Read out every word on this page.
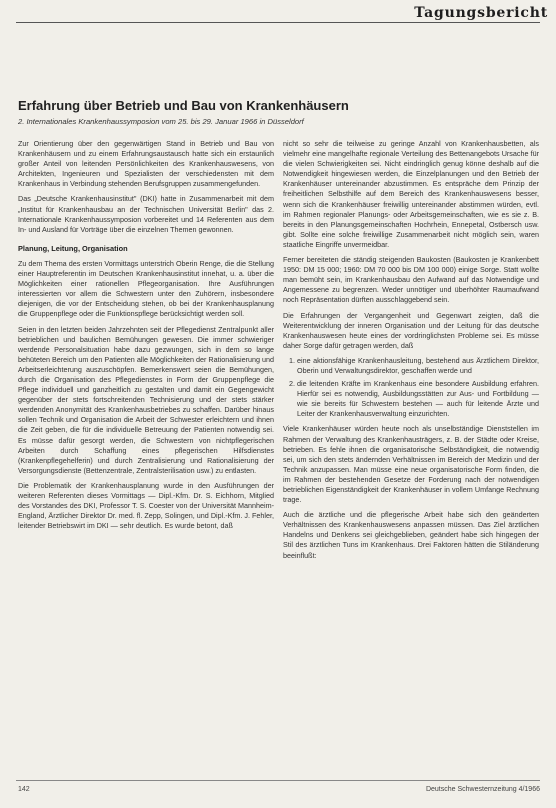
Tagungsbericht
Erfahrung über Betrieb und Bau von Krankenhäusern
2. Internationales Krankenhaussymposion vom 25. bis 29. Januar 1966 in Düsseldorf

Zur Orientierung über den gegenwärtigen Stand in Betrieb und Bau von Krankenhäusern und zu einem Erfahrungsaustausch hatte sich ein erstaunlich großer Anteil von leitenden Persönlichkeiten des Krankenhauswesens, von Architekten, Ingenieuren und Spezialisten der verschiedensten mit dem Krankenhaus in Verbindung stehenden Berufsgruppen zusammengefunden.

Das „Deutsche Krankenhausinstitut" (DKI) hatte in Zusammenarbeit mit dem „Institut für Krankenhausbau an der Technischen Universität Berlin" das 2. Internationale Krankenhaussymposion vorbereitet und 14 Referenten aus dem In- und Ausland für Vorträge über die einzelnen Themen gewonnen.

Planung, Leitung, Organisation

Zu dem Thema des ersten Vormittags unterstrich Oberin Renge, die die Stellung einer Hauptreferentin im Deutschen Krankenhausinstitut innehat, u. a. über die Möglichkeiten einer rationellen Pflegeorganisation. Ihre Ausführungen interessierten vor allem die Schwestern unter den Zuhörern, insbesondere diejenigen, die vor der Entscheidung stehen, ob bei der Krankenhausplanung die Gruppenpflege oder die Funktionspflege berücksichtigt werden soll.

Seien in den letzten beiden Jahrzehnten seit der Pflegedienst Zentralpunkt aller betrieblichen und baulichen Bemühungen gewesen. Die immer schwieriger werdende Personalsituation habe dazu gezwungen, sich in dem so lange behüteten Bereich um den Patienten alle Möglichkeiten der Rationalisierung und Arbeitserleichterung auszuschöpfen. Bemerkenswert seien die Bemühungen, durch die Organisation des Pflegedienstes in Form der Gruppenpflege die Pflege individuell und ganzheitlich zu gestalten und damit ein Gegengewicht gegenüber der stets fortschreitenden Technisierung und der stets stärker werdenden Anonymität des Krankenhausbetriebes zu schaffen. Darüber hinaus sollen Technik und Organisation die Arbeit der Schwester erleichtern und ihnen die Zeit geben, die für die individuelle Betreuung der Patienten notwendig sei. Es müsse dafür gesorgt werden, die Schwestern von nichtpflegerischen Arbeiten durch Schaffung eines pflegerischen Hilfsdienstes (Krankenpflegehelferin) und durch Zentralisierung und Rationalisierung der Versorgungsdienste (Bettenzentrale, Zentralsterilisation usw.) zu entlasten.

Die Problematik der Krankenhausplanung wurde in den Ausführungen der weiteren Referenten dieses Vormittags — Dipl.-Kfm. Dr. S. Eichhorn, Mitglied des Vorstandes des DKI, Professor T. S. Coester von der Universität Mannheim-England, Ärztlicher Direktor Dr. med. fl. Zepp, Solingen, und Dipl.-Kfm. J. Fehler, leitender Betriebswirt im DKI — sehr deutlich. Es wurde betont, daß

nicht so sehr die teilweise zu geringe Anzahl von Krankenhausbetten, als vielmehr eine mangelhafte regionale Verteilung des Bettenangebots Ursache für die vielen Schwierigkeiten sei. Nicht eindringlich genug könne deshalb auf die Notwendigkeit hingewiesen werden, die Einzelplanungen und den Betrieb der Krankenhäuser untereinander abzustimmen. Es entspräche dem Prinzip der freiheitlichen Selbsthilfe auf dem Bereich des Krankenhauswesens besser, wenn sich die Krankenhäuser freiwillig untereinander abstimmen würden, evtl. im Rahmen regionaler Planungs- oder Arbeitsgemeinschaften, wie es sie z. B. bereits in den Planungsgemeinschaften Hochrhein, Ennepetal, Ostbersch usw. gibt. Sollte eine solche freiwillige Zusammenarbeit nicht möglich sein, waren staatliche Eingriffe unvermeidbar.

Ferner bereiteten die ständig steigenden Baukosten (Baukosten je Krankenbett 1950: DM 15 000; 1960: DM 70 000 bis DM 100 000) einige Sorge. Statt wollte man bemüht sein, im Krankenhausbau den Aufwand auf das Notwendige und Angemessene zu begrenzen. Weder unnötiger und überhöhter Raumaufwand noch Repräsentation dürften ausschlaggebend sein.

Die Erfahrungen der Vergangenheit und Gegenwart zeigten, daß die Weiterentwicklung der inneren Organisation und der Leitung für das deutsche Krankenhauswesen heute eines der vordringlichsten Probleme sei. Es müsse daher Sorge dafür getragen werden, daß

1. eine aktionsfähige Krankenhausleitung, bestehend aus Ärztlichem Direktor, Oberin und Verwaltungsdirektor, geschaffen werde und
2. die leitenden Kräfte im Krankenhaus eine besondere Ausbildung erfahren. Hierfür sei es notwendig, Ausbildungsstätten zur Aus- und Fortbildung — wie sie bereits für Schwestern bestehen — auch für leitende Ärzte und Leiter der Krankenhausverwaltung einzurichten.

Viele Krankenhäuser würden heute noch als unselbständige Dienststellen im Rahmen der Verwaltung des Krankenhausträgers, z. B. der Städte oder Kreise, betrieben. Es fehle ihnen die organisatorische Selbständigkeit, die notwendig sei, um sich den stets ändernden Verhältnissen im Bereich der Medizin und der Technik anzupassen. Man müsse eine neue organisatorische Form finden, die im Rahmen der bestehenden Gesetze der Forderung nach der notwendigen betrieblichen Eigenständigkeit der Krankenhäuser in vollem Umfange Rechnung trage.

Auch die ärztliche und die pflegerische Arbeit habe sich den geänderten Verhältnissen des Krankenhauswesens anpassen müssen. Das Ziel ärztlichen Handelns und Denkens sei gleichgeblieben, geändert habe sich hingegen der Stil des ärztlichen Tuns im Krankenhaus. Drei Faktoren hätten die Stiländerung beeinflußt:

142	Deutsche Schwesternzeitung 4/1966
